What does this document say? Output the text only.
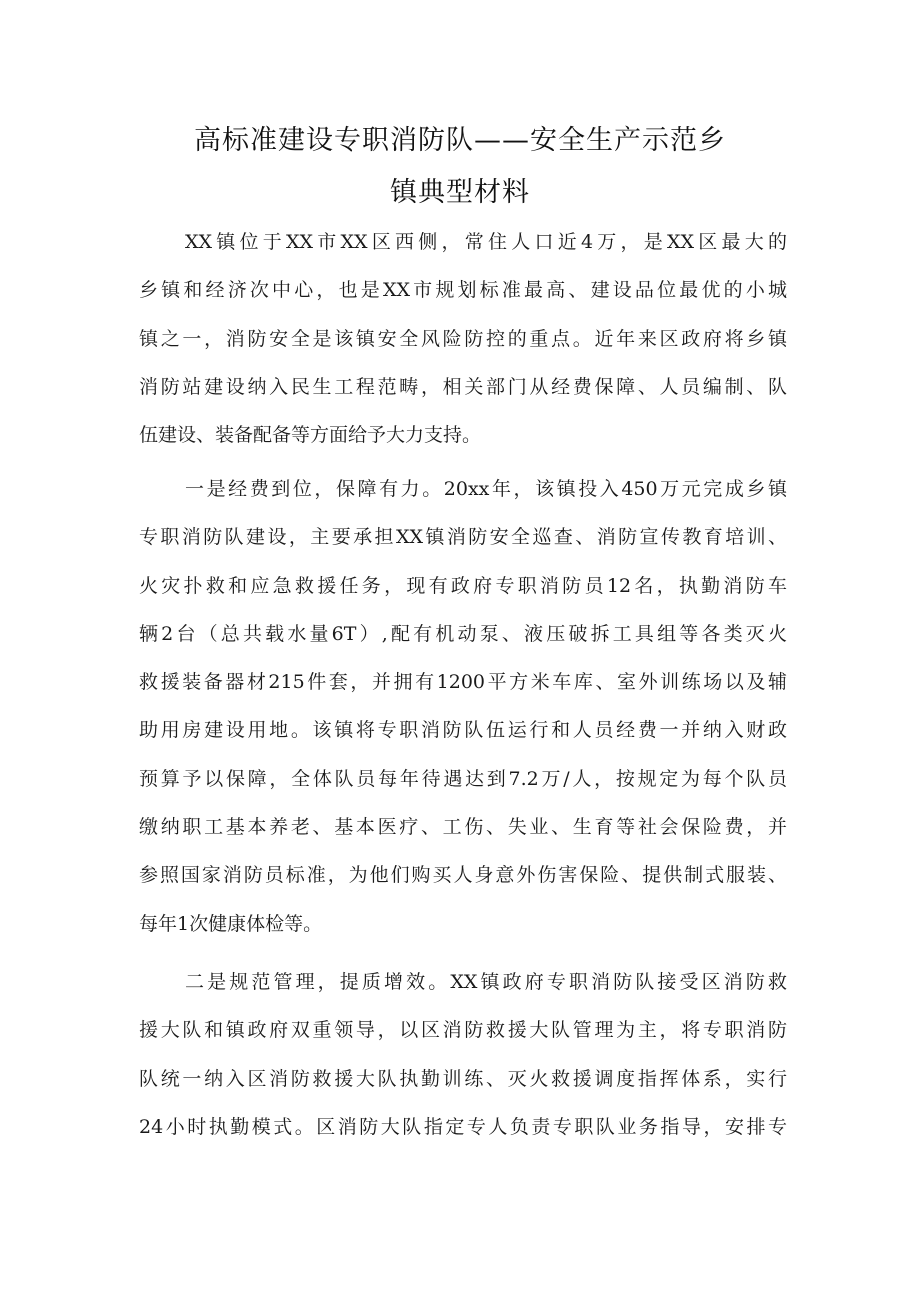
高标准建设专职消防队——安全生产示范乡
镇典型材料
XX镇位于XX市XX区西侧，常住人口近4万，是XX区最大的
乡镇和经济次中心，也是XX市规划标准最高、建设品位最优的小城
镇之一，消防安全是该镇安全风险防控的重点。近年来区政府将乡镇
消防站建设纳入民生工程范畴，相关部门从经费保障、人员编制、队
伍建设、装备配备等方面给予大力支持。
一是经费到位，保障有力。20xx年，该镇投入450万元完成乡镇
专职消防队建设，主要承担XX镇消防安全巡查、消防宣传教育培训、
火灾扑救和应急救援任务，现有政府专职消防员12名，执勤消防车
辆2台（总共载水量6T）,配有机动泵、液压破拆工具组等各类灭火
救援装备器材215件套，并拥有1200平方米车库、室外训练场以及辅
助用房建设用地。该镇将专职消防队伍运行和人员经费一并纳入财政
预算予以保障，全体队员每年待遇达到7.2万/人，按规定为每个队员
缴纳职工基本养老、基本医疗、工伤、失业、生育等社会保险费，并
参照国家消防员标准，为他们购买人身意外伤害保险、提供制式服装、
每年1次健康体检等。
二是规范管理，提质增效。XX镇政府专职消防队接受区消防救
援大队和镇政府双重领导，以区消防救援大队管理为主，将专职消防
队统一纳入区消防救援大队执勤训练、灭火救援调度指挥体系，实行
24小时执勤模式。区消防大队指定专人负责专职队业务指导，安排专
